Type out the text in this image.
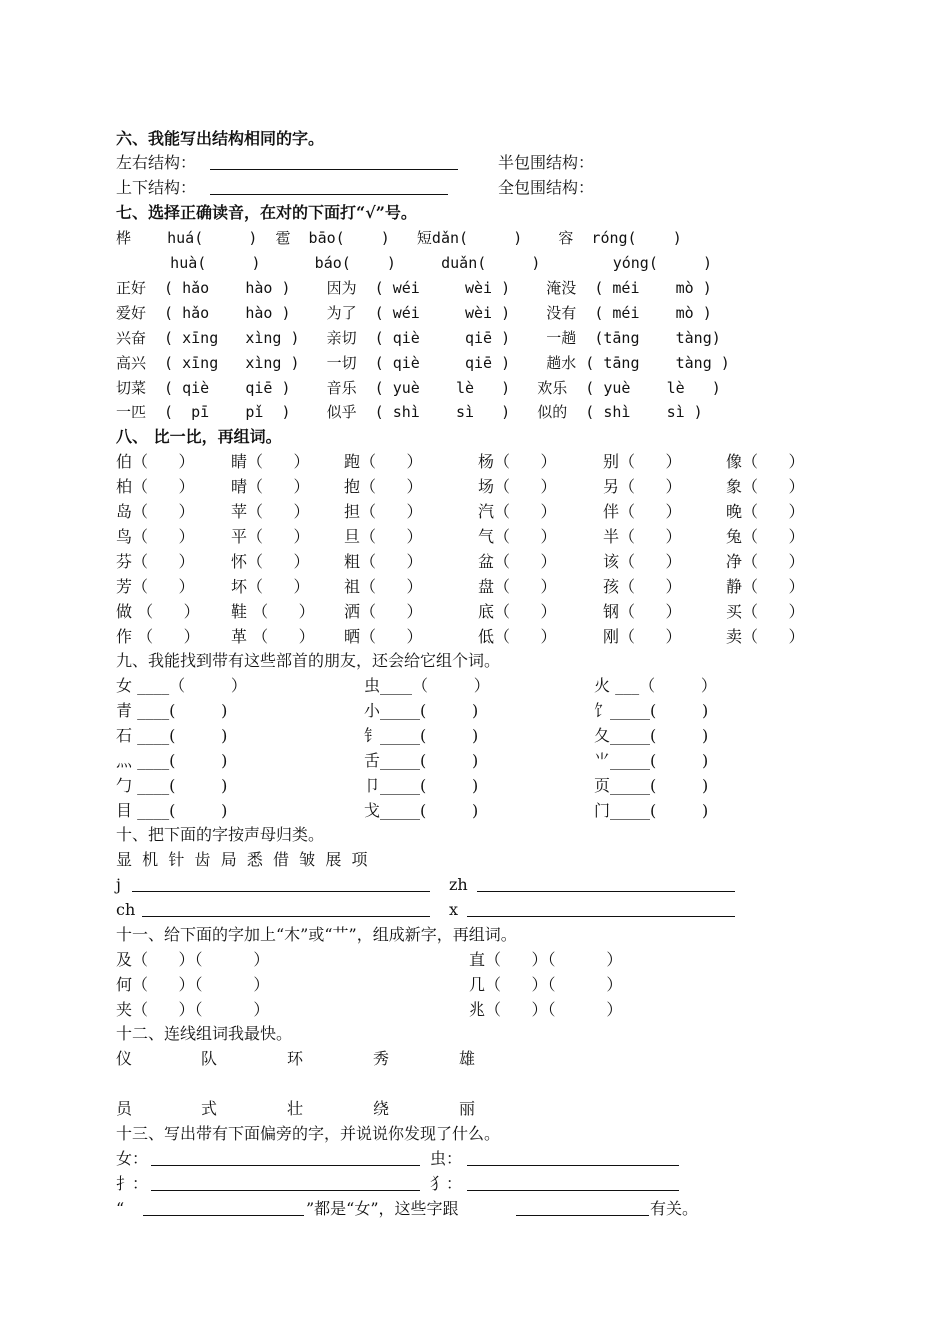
六、我能写出结构相同的字。
左右结构：	半包围结构：
上下结构：	全包围结构：
七、选择正确读音，在对的下面打“√”号。
桦    huá(     )  雹  bāo(    )   短dǎn(     )    容  róng(    )
huà(     )      báo(    )     duǎn(     )        yóng(     )
正好  ( hǎo    hào )    因为  ( wéi     wèi )    淹没  ( méi    mò )
爱好  ( hǎo    hào )    为了  ( wéi     wèi )    没有  ( méi    mò )
兴奋  ( xīng   xìng )   亲切  ( qiè     qiē )    一趟  (tāng    tàng)
高兴  ( xīng   xìng )   一切  ( qiè     qiē )    趟水 ( tāng    tàng )
切菜  ( qiè    qiē )    音乐  ( yuè    lè   )   欢乐  ( yuè    lè   )
一匹  (  pī    pǐ  )    似乎  ( shì    sì   )   似的  ( shì    sì )
八、 比一比，再组词。
伯（      ） 睛（      ） 跑（      ）	杨（      ）	别（      ）	像（      ）
柏（      ） 晴（      ） 抱（      ）	场（      ）	另（      ）	象（      ）
岛（      ） 苹（      ） 担（      ）	汽（      ）	伴（      ）	晚（      ）
鸟（      ） 平（      ） 旦（      ）	气（      ）	半（      ）	兔（      ）
芬（      ） 怀（      ） 粗（      ）	盆（      ）	该（      ）	净（      ）
芳（      ） 坏（      ） 祖（      ）	盘（      ）	孩（      ）	静（      ）
做 （      ） 鞋 （      ） 洒（      ）	底（      ）	钢（      ）	买（      ）
作 （      ） 革 （      ） 晒（      ）	低（      ）	刚（      ）	卖（      ）
九、我能找到带有这些部首的朋友，还会给它组个词。
女 ____（         ）	虫____（         ）	火 ___（         ）
青 ____(         )	小_____(         )	饣_____(         )
石 ____(         )	钅_____(         )	夂_____(         )
灬 ____(         )	舌_____(         )	⺌_____(         )
勹 ____(         )	卩_____(         )	页_____(         )
目 ____(         )	戈_____(         )	门_____(         )
十、把下面的字按声母归类。
显  机  针  齿  局  悉  借  皱  展  项
j	zh
ch	x
十一、给下面的字加上“木”或“艹”，组成新字，再组词。
及（      ）（          ）	直（      ）（          ）
何（      ）（          ）	几（      ）（          ）
夹（      ）（          ）	兆（      ）（          ）
十二、连线组词我最快。
仪	队	环	秀	雄
员	式	壮	绕	丽
十三、写出带有下面偏旁的字，并说说你发现了什么。
女：	虫：
扌：	犭：
“	”都是“女”，这些字跟	有关。
